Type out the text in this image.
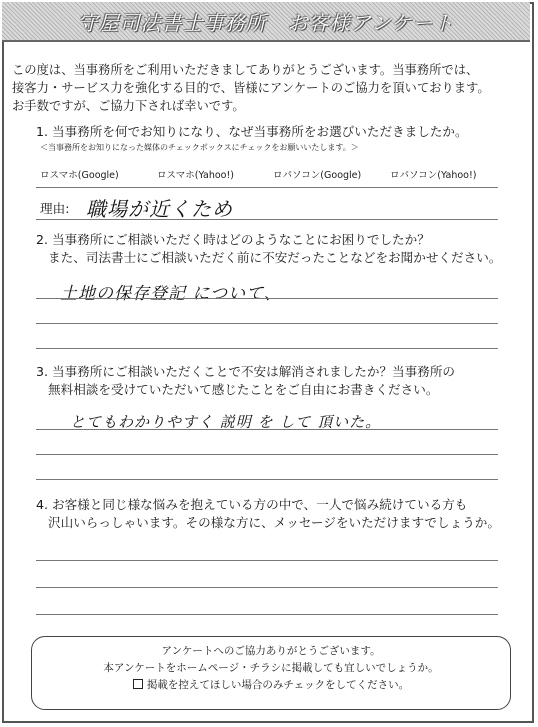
守屋司法書士事務所　お客様アンケート
この度は、当事務所をご利用いただきましてありがとうございます。当事務所では、
接客力・サービス力を強化する目的で、皆様にアンケートのご協力を頂いております。
お手数ですが、ご協力下されば幸いです。
1. 当事務所を何でお知りになり、なぜ当事務所をお選びいただきましたか。
＜当事務所をお知りになった媒体のチェックボックスにチェックをお願いいたします。＞
ロスマホ(Google)	ロスマホ(Yahoo!)	ロパソコン(Google)	ロパソコン(Yahoo!)
理由: 職場が近くため
2. 当事務所にご相談いただく時はどのようなことにお困りでしたか？
また、司法書士にご相談いただく前に不安だったことなどをお聞かせください。
土地の保存登記 について、
3. 当事務所にご相談いただくことで不安は解消されましたか？当事務所の
無料相談を受けていただいて感じたことをご自由にお書きください。
とてもわかりやすく 説明 を して 頂いた。
4. お客様と同じ様な悩みを抱えている方の中で、一人で悩み続けている方も
沢山いらっしゃいます。その様な方に、メッセージをいただけますでしょうか。
アンケートへのご協力ありがとうございます。
本アンケートをホームページ・チラシに掲載しても宜しいでしょうか。
掲載を控えてほしい場合のみチェックをしてください。
